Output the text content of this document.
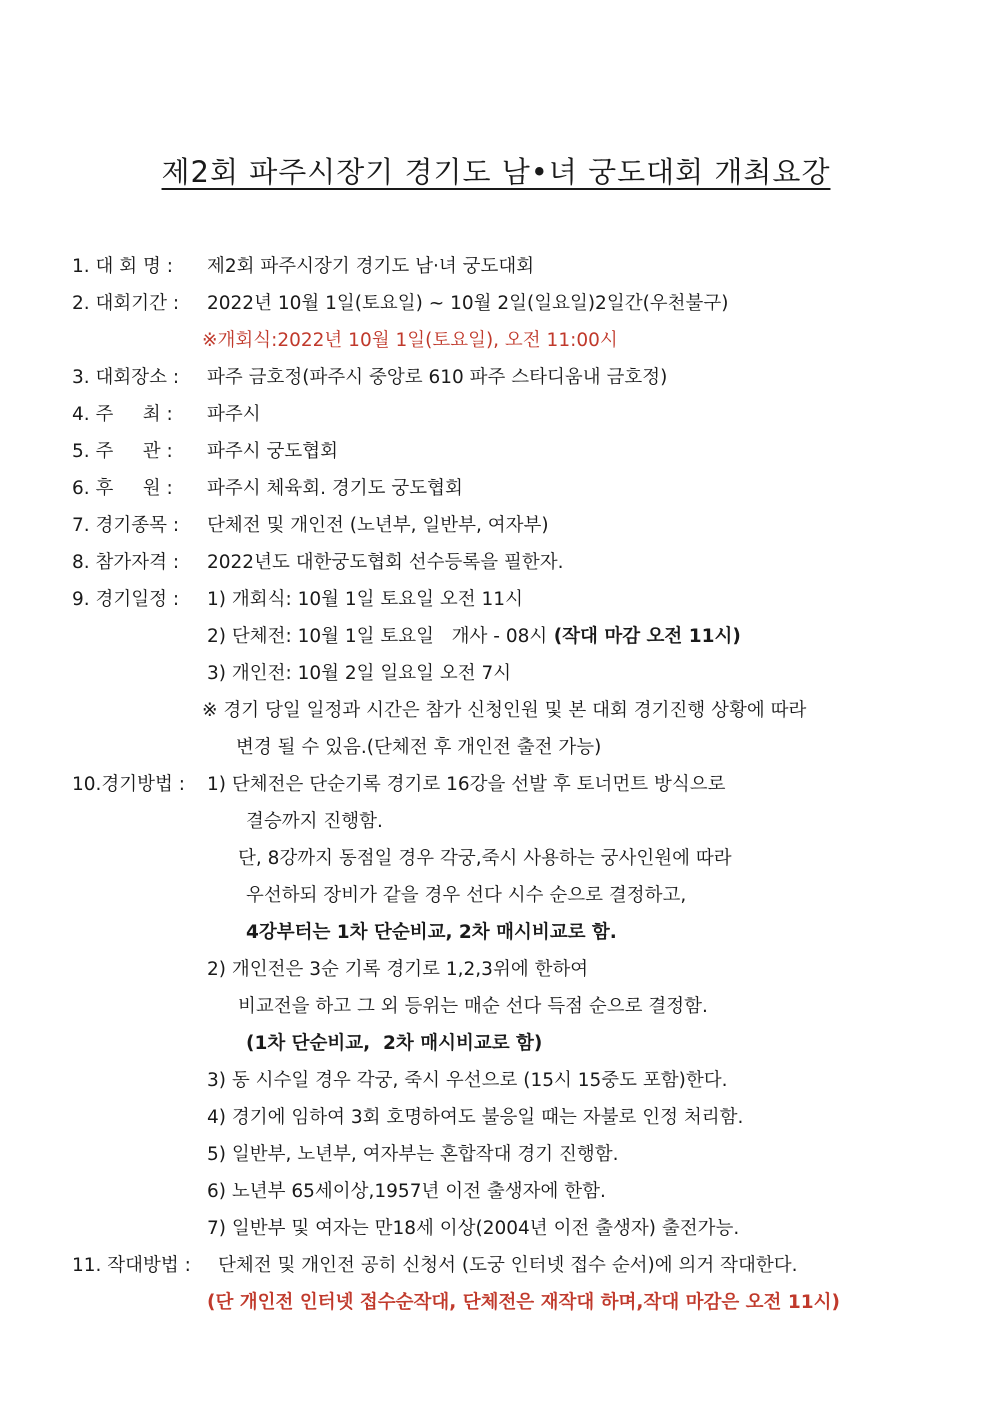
제2회 파주시장기 경기도 남•녀 궁도대회 개최요강
1. 대 회 명 : 제2회 파주시장기 경기도 남·녀 궁도대회
2. 대회기간 : 2022년 10월 1일(토요일) ~ 10월 2일(일요일)2일간(우천불구)
※개회식:2022년 10월 1일(토요일), 오전 11:00시
3. 대회장소 : 파주 금호정(파주시 중앙로 610 파주 스타디움내 금호정)
4. 주     최 : 파주시
5. 주     관 : 파주시 궁도협회
6. 후     원 : 파주시 체육회. 경기도 궁도협회
7. 경기종목 : 단체전 및 개인전 (노년부, 일반부, 여자부)
8. 참가자격 : 2022년도 대한궁도협회 선수등록을 필한자.
9. 경기일정 : 1) 개회식: 10월 1일 토요일 오전 11시
2) 단체전: 10월 1일 토요일   개사 - 08시 (작대 마감 오전 11시)
3) 개인전: 10월 2일 일요일 오전 7시
※ 경기 당일 일정과 시간은 참가 신청인원 및 본 대회 경기진행 상황에 따라
변경 될 수 있음.(단체전 후 개인전 출전 가능)
10.경기방법 : 1) 단체전은 단순기록 경기로 16강을 선발 후 토너먼트 방식으로
결승까지 진행함.
단, 8강까지 동점일 경우 각궁,죽시 사용하는 궁사인원에 따라
우선하되 장비가 같을 경우 선다 시수 순으로 결정하고,
4강부터는 1차 단순비교, 2차 매시비교로 함.
2) 개인전은 3순 기록 경기로 1,2,3위에 한하여
비교전을 하고 그 외 등위는 매순 선다 득점 순으로 결정함.
(1차 단순비교,  2차 매시비교로 함)
3) 동 시수일 경우 각궁, 죽시 우선으로 (15시 15중도 포함)한다.
4) 경기에 임하여 3회 호명하여도 불응일 때는 자불로 인정 처리함.
5) 일반부, 노년부, 여자부는 혼합작대 경기 진행함.
6) 노년부 65세이상,1957년 이전 출생자에 한함.
7) 일반부 및 여자는 만18세 이상(2004년 이전 출생자) 출전가능.
11. 작대방법 : 단체전 및 개인전 공히 신청서 (도궁 인터넷 접수 순서)에 의거 작대한다.
(단 개인전 인터넷 접수순작대, 단체전은 재작대 하며,작대 마감은 오전 11시)
